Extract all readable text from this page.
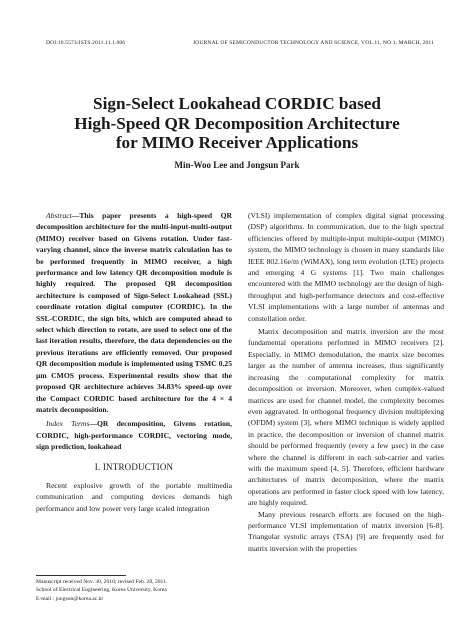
DOI:10.5573/JSTS.2011.11.1.006	JOURNAL OF SEMICONDUCTOR TECHNOLOGY AND SCIENCE, VOL.11, NO.1, MARCH, 2011
Sign-Select Lookahead CORDIC based
High-Speed QR Decomposition Architecture
for MIMO Receiver Applications
Min-Woo Lee and Jongsun Park

Abstract—This paper presents a high-speed QR decomposition architecture for the multi-input-multi-output (MIMO) receiver based on Givens rotation. Under fast-varying channel, since the inverse matrix calculation has to be performed frequently in MIMO receiver, a high performance and low latency QR decomposition module is highly required. The proposed QR decomposition architecture is composed of Sign-Select Lookahead (SSL) coordinate rotation digital computer (CORDIC). In the SSL-CORDIC, the sign bits, which are computed ahead to select which direction to rotate, are used to select one of the last iteration results, therefore, the data dependencies on the previous iterations are efficiently removed. Our proposed QR decomposition module is implemented using TSMC 0.25 µm CMOS process. Experimental results show that the proposed QR architecture achieves 34.83% speed-up over the Compact CORDIC based architecture for the 4 × 4 matrix decomposition.

Index Terms—QR decomposition, Givens rotation, CORDIC, high-performance CORDIC, vectoring mode, sign prediction, lookahead

I. INTRODUCTION

Recent explosive growth of the portable multimedia communication and computing devices demands high performance and low power very large scaled integration

(VLSI) implementation of complex digital signal processing (DSP) algorithms. In communication, due to the high spectral efficiencies offered by multiple-input multiple-output (MIMO) system, the MIMO technology is chosen in many standards like IEEE 802.16e/m (WiMAX), long term evolution (LTE) projects and emerging 4 G systems [1]. Two main challenges encountered with the MIMO technology are the design of high-throughput and high-performance detectors and cost-effective VLSI implementations with a large number of antennas and constellation order.

Matrix decomposition and matrix inversion are the most fundamental operations performed in MIMO receivers [2]. Especially, in MIMO demodulation, the matrix size becomes larger as the number of antenna increases, thus significantly increasing the computational complexity for matrix decomposition or inversion. Moreover, when complex-valued matrices are used for channel model, the complexity becomes even aggravated. In orthogonal frequency division multiplexing (OFDM) system [3], where MIMO technique is widely applied in practice, the decomposition or inversion of channel matrix should be performed frequently (every a few µsec) in the case where the channel is different in each sub-carrier and varies with the maximum speed [4, 5]. Therefore, efficient hardware architectures of matrix decomposition, where the matrix operations are performed in faster clock speed with low latency, are highly required.

Many previous research efforts are focused on the high-performance VLSI implementation of matrix inversion [6-8]. Triangular systolic arrays (TSA) [9] are frequently used for matrix inversion with the properties

Manuscript received Nov. 30, 2010; revised Feb. 28, 2011.
School of Electrical Engineering, Korea University, Korea
E-mail : jongsun@korea.ac.kr
